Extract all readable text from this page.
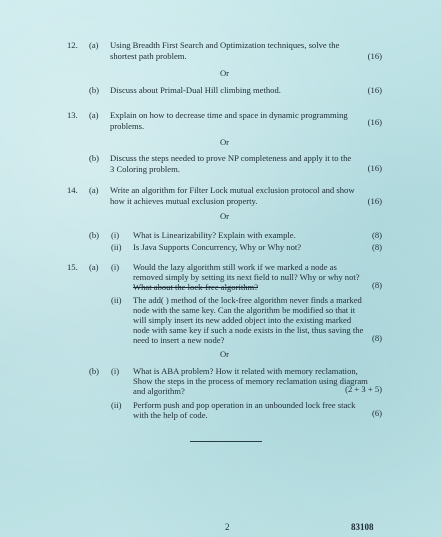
12. (a) Using Breadth First Search and Optimization techniques, solve the
shortest path problem.	(16)
Or
(b) Discuss about Primal-Dual Hill climbing method.	(16)
13. (a) Explain on how to decrease time and space in dynamic programming
problems.	(16)
Or
(b) Discuss the steps needed to prove NP completeness and apply it to the
3 Coloring problem.	(16)
14. (a) Write an algorithm for Filter Lock mutual exclusion protocol and show
how it achieves mutual exclusion property.	(16)
Or
(b) (i) What is Linearizability? Explain with example.	(8)
(ii) Is Java Supports Concurrency, Why or Why not?	(8)
15. (a) (i) Would the lazy algorithm still work if we marked a node as
removed simply by setting its next field to null? Why or why not?
What about the lock-free algorithm?	(8)
(ii) The add( ) method of the lock-free algorithm never finds a marked
node with the same key. Can the algorithm be modified so that it
will simply insert its new added object into the existing marked
node with same key if such a node exists in the list, thus saving the
need to insert a new node?	(8)
Or
(b) (i) What is ABA problem? How it related with memory reclamation,
Show the steps in the process of memory reclamation using diagram
and algorithm?	(2 + 3 + 5)
(ii) Perform push and pop operation in an unbounded lock free stack
with the help of code.	(6)
2	83108
